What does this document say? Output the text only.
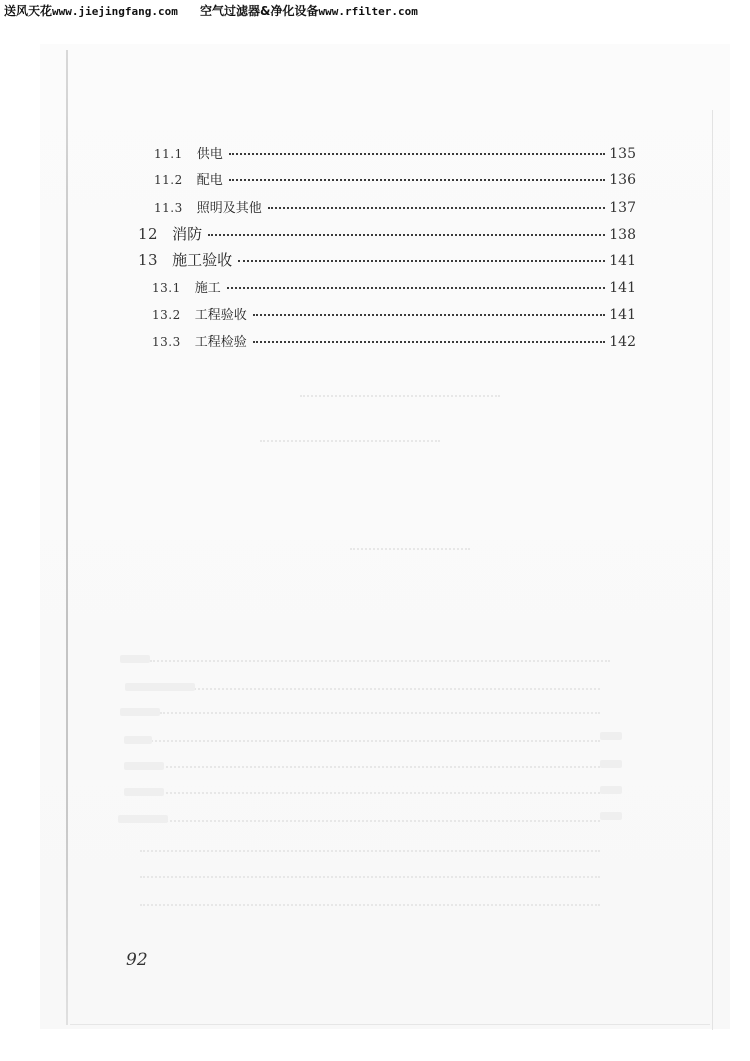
送风天花www.jiejingfang.com 空气过滤器&净化设备www.rfilter.com
11.1 供电	135
11.2 配电	136
11.3 照明及其他	137
12 消防	138
13 施工验收	141
13.1 施工	141
13.2 工程验收	141
13.3 工程检验	142
92
